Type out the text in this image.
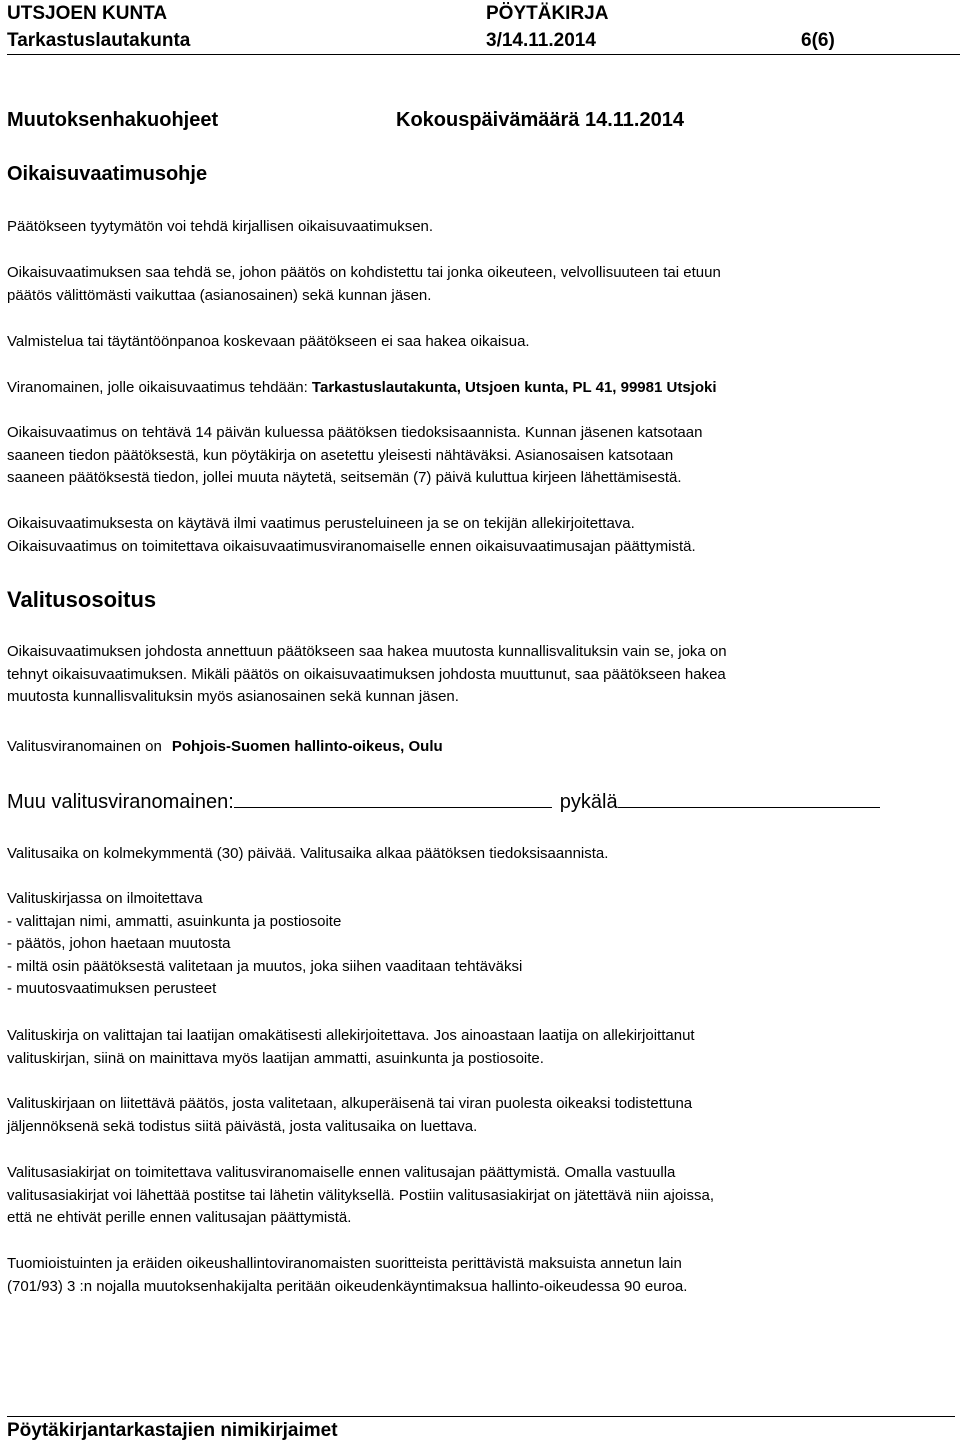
UTSJOEN KUNTA	PÖYTÄKIRJA
Tarkastuslautakunta	3/14.11.2014	6(6)
Muutoksenhakuohjeet	Kokouspäivämäärä 14.11.2014
Oikaisuvaatimusohje
Päätökseen tyytymätön voi tehdä kirjallisen oikaisuvaatimuksen.
Oikaisuvaatimuksen saa tehdä se, johon päätös on kohdistettu tai jonka oikeuteen, velvollisuuteen tai etuun
päätös välittömästi vaikuttaa (asianosainen) sekä kunnan jäsen.
Valmistelua tai täytäntöönpanoa koskevaan päätökseen ei saa hakea oikaisua.
Viranomainen, jolle oikaisuvaatimus tehdään: Tarkastuslautakunta, Utsjoen kunta, PL 41, 99981 Utsjoki
Oikaisuvaatimus on tehtävä 14 päivän kuluessa päätöksen tiedoksisaannista. Kunnan jäsenen katsotaan
saaneen tiedon päätöksestä, kun pöytäkirja on asetettu yleisesti nähtäväksi. Asianosaisen katsotaan
saaneen päätöksestä tiedon, jollei muuta näytetä, seitsemän (7) päivä kuluttua kirjeen lähettämisestä.
Oikaisuvaatimuksesta on käytävä ilmi vaatimus perusteluineen ja se on tekijän allekirjoitettava.
Oikaisuvaatimus on toimitettava oikaisuvaatimusviranomaiselle ennen oikaisuvaatimusajan päättymistä.
Valitusosoitus
Oikaisuvaatimuksen johdosta annettuun päätökseen saa hakea muutosta kunnallisvalituksin vain se, joka on
tehnyt oikaisuvaatimuksen. Mikäli päätös on oikaisuvaatimuksen johdosta muuttunut, saa päätökseen hakea
muutosta kunnallisvalituksin myös asianosainen sekä kunnan jäsen.
Valitusviranomainen on Pohjois-Suomen hallinto-oikeus, Oulu
Muu valitusviranomainen:	pykälä
Valitusaika on kolmekymmentä (30) päivää. Valitusaika alkaa päätöksen tiedoksisaannista.
Valituskirjassa on ilmoitettava
- valittajan nimi, ammatti, asuinkunta ja postiosoite
- päätös, johon haetaan muutosta
- miltä osin päätöksestä valitetaan ja muutos, joka siihen vaaditaan tehtäväksi
- muutosvaatimuksen perusteet
Valituskirja on valittajan tai laatijan omakätisesti allekirjoitettava. Jos ainoastaan laatija on allekirjoittanut
valituskirjan, siinä on mainittava myös laatijan ammatti, asuinkunta ja postiosoite.
Valituskirjaan on liitettävä päätös, josta valitetaan, alkuperäisenä tai viran puolesta oikeaksi todistettuna
jäljennöksenä sekä todistus siitä päivästä, josta valitusaika on luettava.
Valitusasiakirjat on toimitettava valitusviranomaiselle ennen valitusajan päättymistä. Omalla vastuulla
valitusasiakirjat voi lähettää postitse tai lähetin välityksellä. Postiin valitusasiakirjat on jätettävä niin ajoissa,
että ne ehtivät perille ennen valitusajan päättymistä.
Tuomioistuinten ja eräiden oikeushallintoviranomaisten suoritteista perittävistä maksuista annetun lain
(701/93) 3 :n nojalla muutoksenhakijalta peritään oikeudenkäyntimaksua hallinto-oikeudessa 90 euroa.
Pöytäkirjantarkastajien nimikirjaimet
